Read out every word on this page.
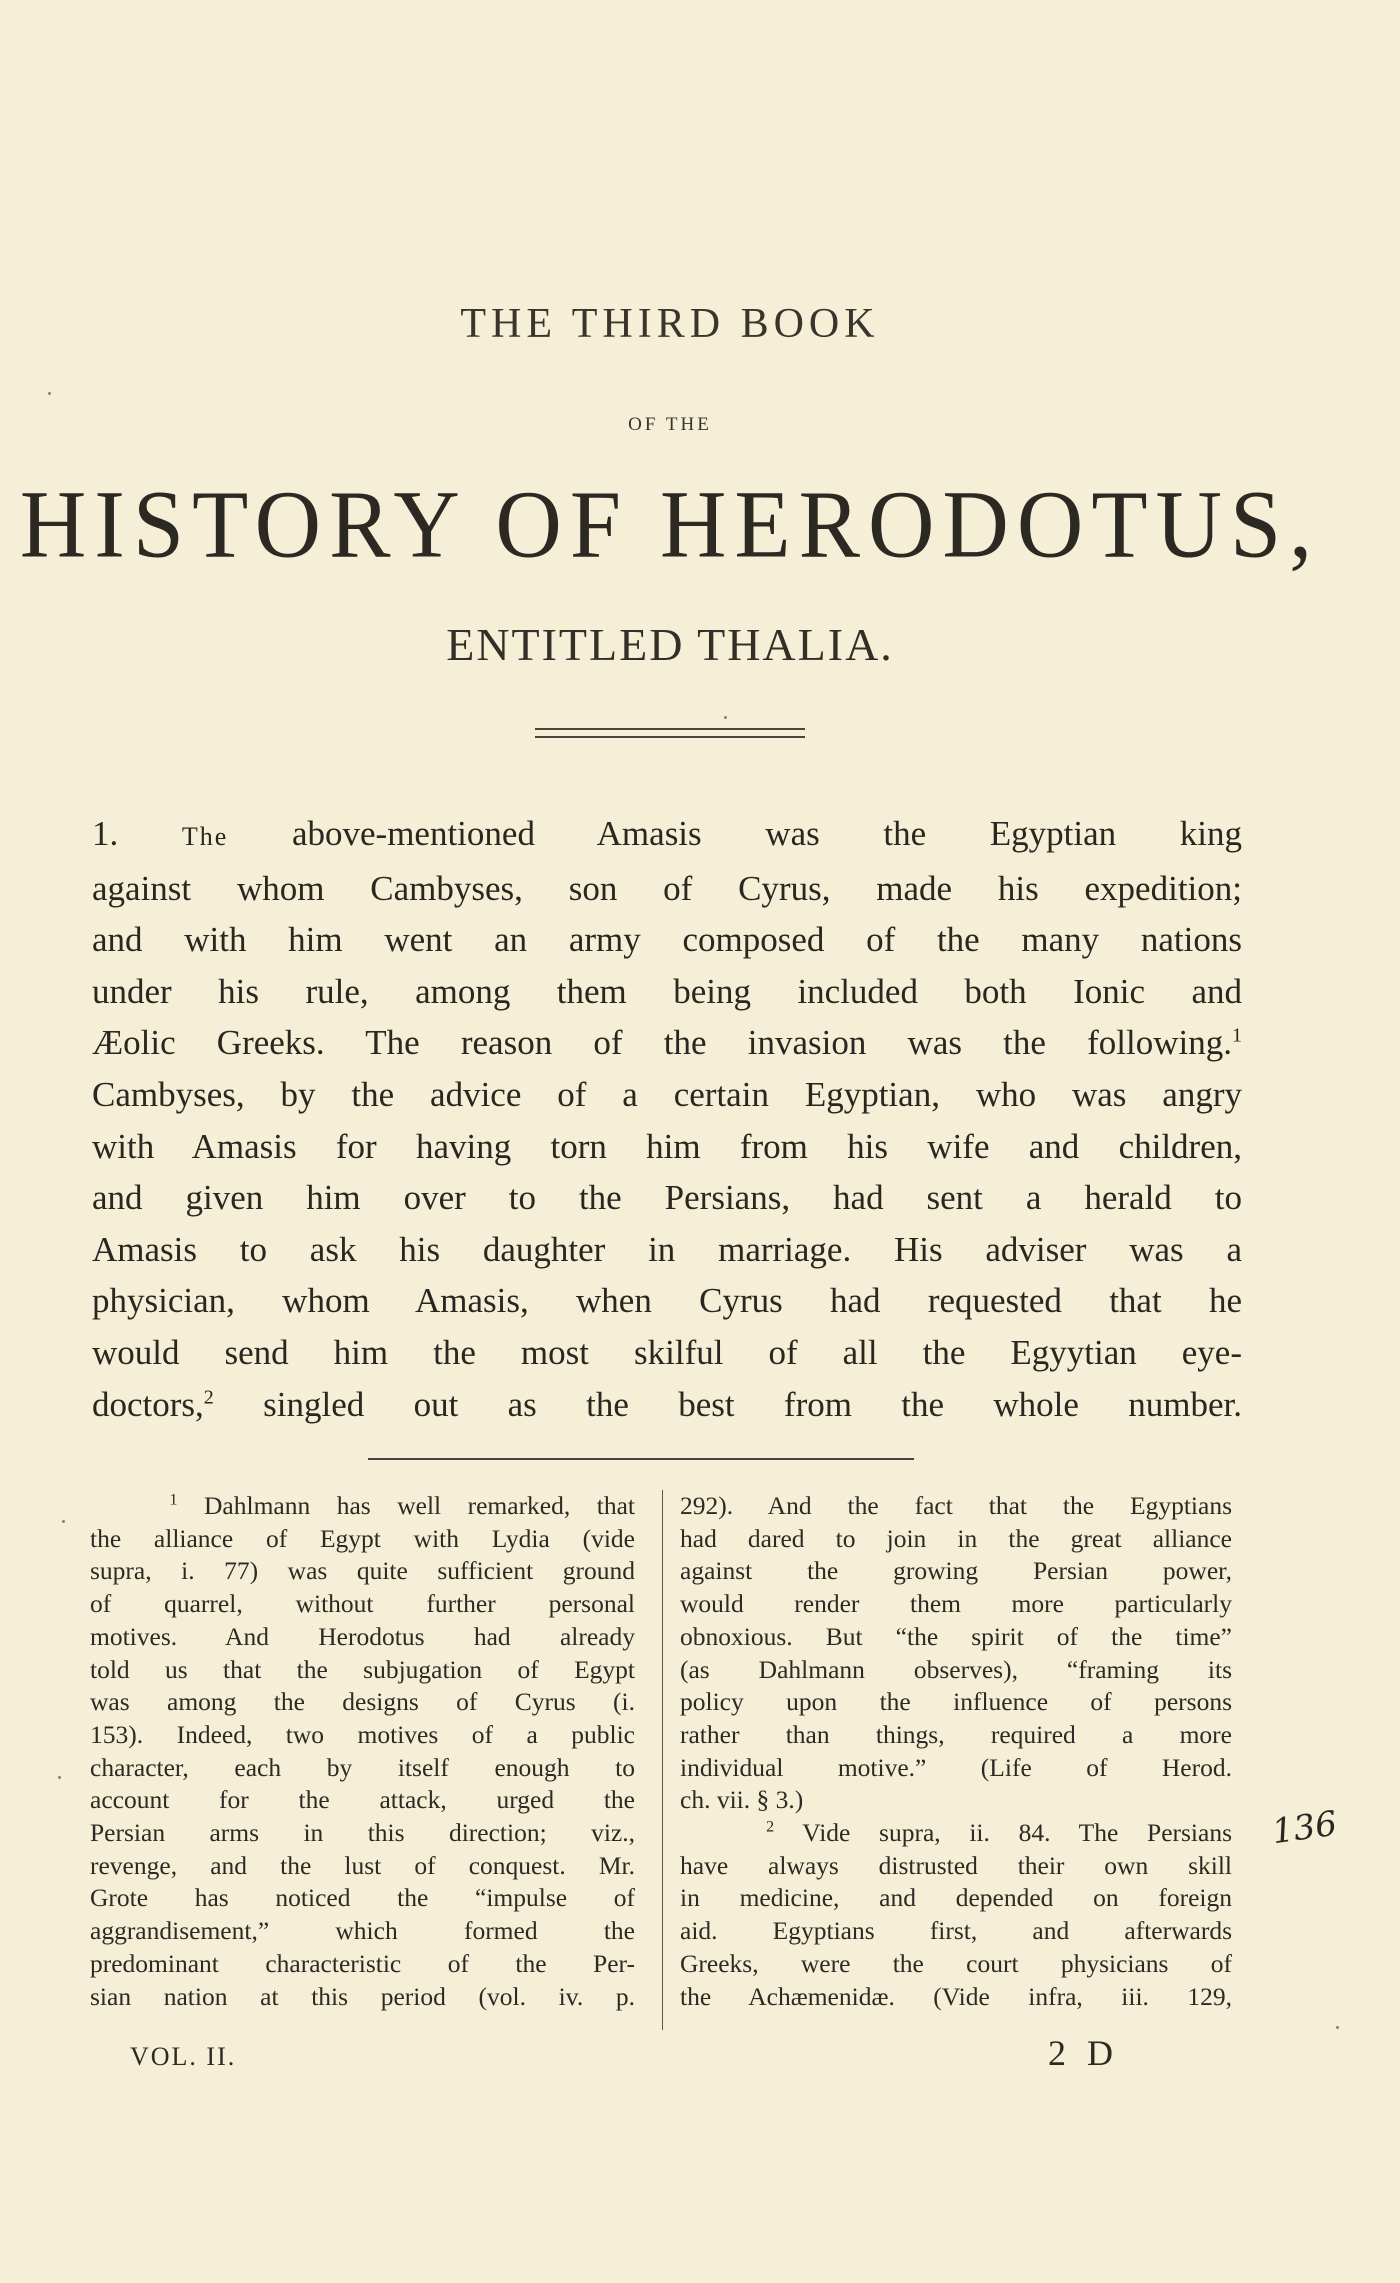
THE THIRD BOOK
OF THE
HISTORY OF HERODOTUS,
ENTITLED THALIA.
1. The above-mentioned Amasis was the Egyptian king
against whom Cambyses, son of Cyrus, made his expedition;
and with him went an army composed of the many nations
under his rule, among them being included both Ionic and
Æolic Greeks. The reason of the invasion was the following.$^1$
Cambyses, by the advice of a certain Egyptian, who was angry
with Amasis for having torn him from his wife and children,
and given him over to the Persians, had sent a herald to
Amasis to ask his daughter in marriage. His adviser was a
physician, whom Amasis, when Cyrus had requested that he
would send him the most skilful of all the Egyytian eye-
doctors,$^2$ singled out as the best from the whole number.
$^1$ Dahlmann has well remarked, that
the alliance of Egypt with Lydia (vide
supra, i. 77) was quite sufficient ground
of quarrel, without further personal
motives. And Herodotus had already
told us that the subjugation of Egypt
was among the designs of Cyrus (i.
153). Indeed, two motives of a public
character, each by itself enough to
account for the attack, urged the
Persian arms in this direction; viz.,
revenge, and the lust of conquest. Mr.
Grote has noticed the “impulse of
aggrandisement,” which formed the
predominant characteristic of the Per-
sian nation at this period (vol. iv. p.
292). And the fact that the Egyptians
had dared to join in the great alliance
against the growing Persian power,
would render them more particularly
obnoxious. But “the spirit of the time”
(as Dahlmann observes), “framing its
policy upon the influence of persons
rather than things, required a more
individual motive.” (Life of Herod.
ch. vii. § 3.)
$^2$ Vide supra, ii. 84. The Persians
have always distrusted their own skill
in medicine, and depended on foreign
aid. Egyptians first, and afterwards
Greeks, were the court physicians of
the Achæmenidæ. (Vide infra, iii. 129,
VOL. II.	2 D
136
